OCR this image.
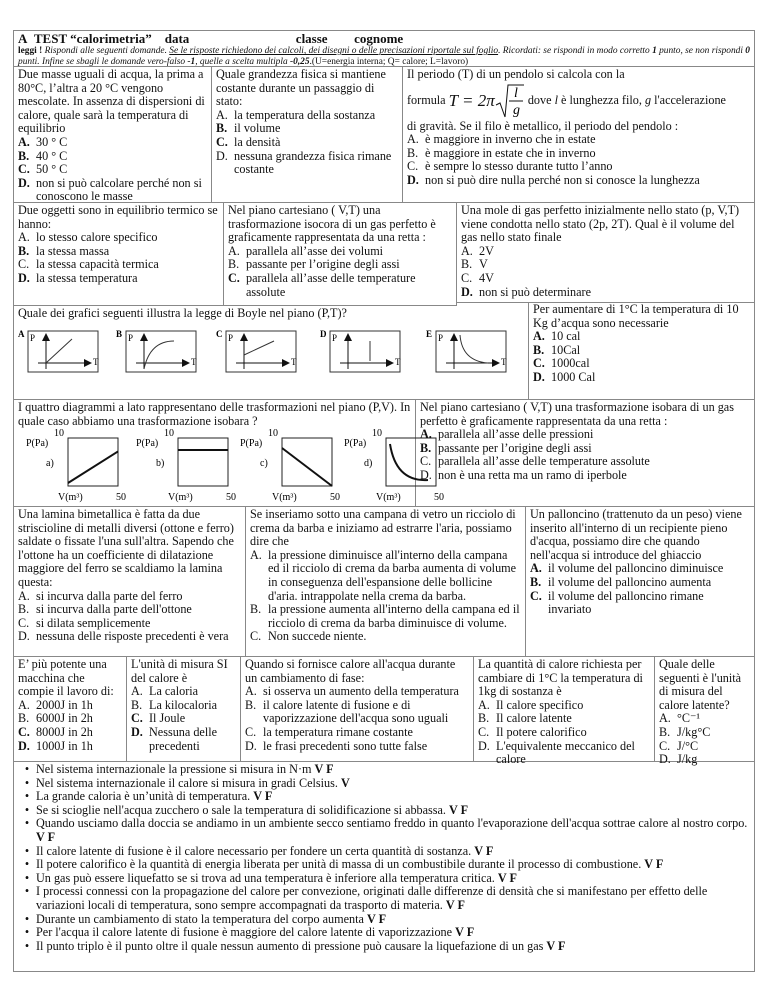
A TEST “calorimetria” data	classe cognome
leggi ! Rispondi alle seguenti domande. Se le risposte richiedono dei calcoli, dei disegni o delle precisazioni riportale sul foglio. Ricordati: se rispondi in modo corretto 1 punto, se non rispondi 0 punti. Infine se sbagli le domande vero-falso -1, quelle a scelta multipla -0,25.(U=energia interna; Q= calore; L=lavoro)
Due masse uguali di acqua, la prima a 80°C, l’altra a 20 °C vengono mescolate. In assenza di dispersioni di calore, quale sarà la temperatura di equilibrio
A. 30 ° C
B. 40 ° C
C. 50 ° C
D. non si può calcolare perché non si conoscono le masse
Quale grandezza fisica si mantiene costante durante un passaggio di stato:
A. la temperatura della sostanza
B. il volume
C. la densità
D. nessuna grandezza fisica rimane costante
Il periodo (T) di un pendolo si calcola con la
formula
T = 2π l
g

dove
l
è lunghezza filo,
g
l'accelerazione
di gravità. Se il filo è metallico, il periodo del pendolo :
A. è maggiore in inverno che in estate
B. è maggiore in estate che in inverno
C. è sempre lo stesso durante tutto l’anno
D. non si può dire nulla perché non si conosce la lunghezza
Due oggetti sono in equilibrio termico se hanno:
A. lo stesso calore specifico
B. la stessa massa
C. la stessa capacità termica
D. la stessa temperatura
Nel piano cartesiano ( V,T) una trasformazione isocora di un gas perfetto è graficamente rappresentata da una retta :
A. parallela all’asse dei volumi
B. passante per l’origine degli assi
C. parallela all’asse delle temperature assolute
Una mole di gas perfetto inizialmente nello stato (p, V,T) viene condotta nello stato (2p, 2T). Qual è il volume del gas nello stato finale
A. 2V
B. V
C. 4V
D. non si può determinare
Quale dei grafici seguenti illustra la legge di Boyle nel piano (P,T)?
A P
T
B P
T
C P
T
D P
T
E P
T
Per aumentare di 1°C la temperatura di 10 Kg d’acqua sono necessarie
A. 10 cal
B. 10Cal
C. 1000cal
D. 1000 Cal
I quattro diagrammi a lato rappresentano delle trasformazioni nel piano (P,V). In quale caso abbiamo una trasformazione isobara ?
10
P(Pa)
a)
V(m³)	50
10
P(Pa)
b)
V(m³)	50
10
P(Pa)
c)
V(m³)	50
10
P(Pa)
d)
V(m³)	50
Nel piano cartesiano ( V,T) una trasformazione isobara di un gas perfetto è graficamente rappresentata da una retta :
A. parallela all’asse delle pressioni
B. passante per l’origine degli assi
C. parallela all’asse delle temperature assolute
D. non è una retta ma un ramo di iperbole
Una lamina bimetallica è fatta da due striscioline di metalli diversi (ottone e ferro) saldate o fissate l'una sull'altra. Sapendo che l'ottone ha un coefficiente di dilatazione maggiore del ferro se scaldiamo la lamina questa:
A. si incurva dalla parte del ferro
B. si incurva dalla parte dell'ottone
C. si dilata semplicemente
D. nessuna delle risposte precedenti è vera
Se inseriamo sotto una campana di vetro un ricciolo di crema da barba e iniziamo ad estrarre l'aria, possiamo dire che
A. la pressione diminuisce all'interno della campana ed il ricciolo di crema da barba aumenta di volume in conseguenza dell'espansione delle bollicine d'aria. intrappolate nella crema da barba.
B. la pressione aumenta all'interno della campana ed il ricciolo di crema da barba diminuisce di volume.
C. Non succede niente.
Un palloncino (trattenuto da un peso) viene inserito all'interno di un recipiente pieno d'acqua, possiamo dire che quando nell'acqua si introduce del ghiaccio
A. il volume del palloncino diminuisce
B. il volume del palloncino aumenta
C. il volume del palloncino rimane invariato
E’ più potente una macchina che compie il lavoro di:
A. 2000J in 1h
B. 6000J in 2h
C. 8000J in 2h
D. 1000J in 1h
L'unità di misura SI del calore è
A. La caloria
B. La kilocaloria
C. Il Joule
D. Nessuna delle precedenti
Quando si fornisce calore all'acqua durante un cambiamento di fase:
A. si osserva un aumento della temperatura
B. il calore latente di fusione e di vaporizzazione dell'acqua sono uguali
C. la temperatura rimane costante
D. le frasi precedenti sono tutte false
La quantità di calore richiesta per cambiare di 1°C la temperatura di 1kg di sostanza è
A. Il calore specifico
B. Il calore latente
C. Il potere calorifico
D. L'equivalente meccanico del calore
Quale delle seguenti è l'unità di misura del calore latente?
A. °C⁻¹
B. J/kg°C
C. J/°C
D. J/kg
• Nel sistema internazionale la pressione si misura in N·m V F
• Nel sistema internazionale il calore si misura in gradi Celsius. V
• La grande caloria è un’unità di temperatura. V F
• Se si scioglie nell'acqua zucchero o sale la temperatura di solidificazione si abbassa. V F
• Quando usciamo dalla doccia se andiamo in un ambiente secco sentiamo freddo in quanto l'evaporazione dell'acqua sottrae calore al nostro corpo. V F
• Il calore latente di fusione è il calore necessario per fondere un certa quantità di sostanza. V F
• Il potere calorifico è la quantità di energia liberata per unità di massa di un combustibile durante il processo di combustione. V F
• Un gas può essere liquefatto se si trova ad una temperatura è inferiore alla temperatura critica. V F
• I processi connessi con la propagazione del calore per convezione, originati dalle differenze di densità che si manifestano per effetto delle variazioni locali di temperatura, sono sempre accompagnati da trasporto di materia. V F
• Durante un cambiamento di stato la temperatura del corpo aumenta V F
• Per l'acqua il calore latente di fusione è maggiore del calore latente di vaporizzazione V F
• Il punto triplo è il punto oltre il quale nessun aumento di pressione può causare la liquefazione di un gas V F
